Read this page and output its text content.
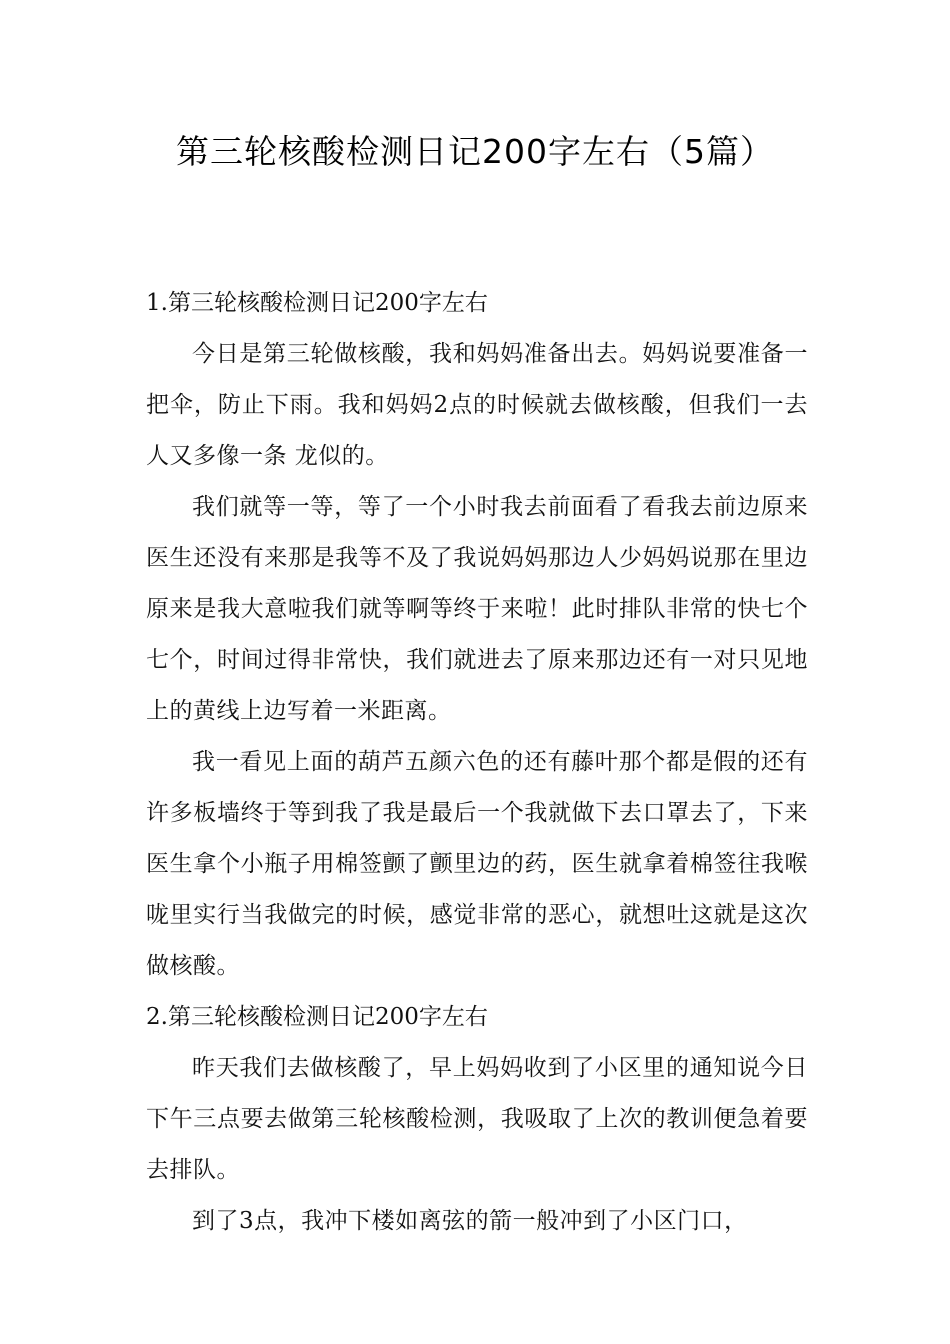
第三轮核酸检测日记200字左右（5篇）

1.第三轮核酸检测日记200字左右

今日是第三轮做核酸，我和妈妈准备出去。妈妈说要准备一把伞，防止下雨。我和妈妈2点的时候就去做核酸，但我们一去人又多像一条 龙似的。

我们就等一等，等了一个小时我去前面看了看我去前边原来医生还没有来那是我等不及了我说妈妈那边人少妈妈说那在里边原来是我大意啦我们就等啊等终于来啦！此时排队非常的快七个七个，时间过得非常快，我们就进去了原来那边还有一对只见地上的黄线上边写着一米距离。

我一看见上面的葫芦五颜六色的还有藤叶那个都是假的还有许多板墙终于等到我了我是最后一个我就做下去口罩去了，下来医生拿个小瓶子用棉签颤了颤里边的药，医生就拿着棉签往我喉咙里实行当我做完的时候，感觉非常的恶心，就想吐这就是这次做核酸。

2.第三轮核酸检测日记200字左右

昨天我们去做核酸了，早上妈妈收到了小区里的通知说今日下午三点要去做第三轮核酸检测，我吸取了上次的教训便急着要去排队。

到了3点，我冲下楼如离弦的箭一般冲到了小区门口，
